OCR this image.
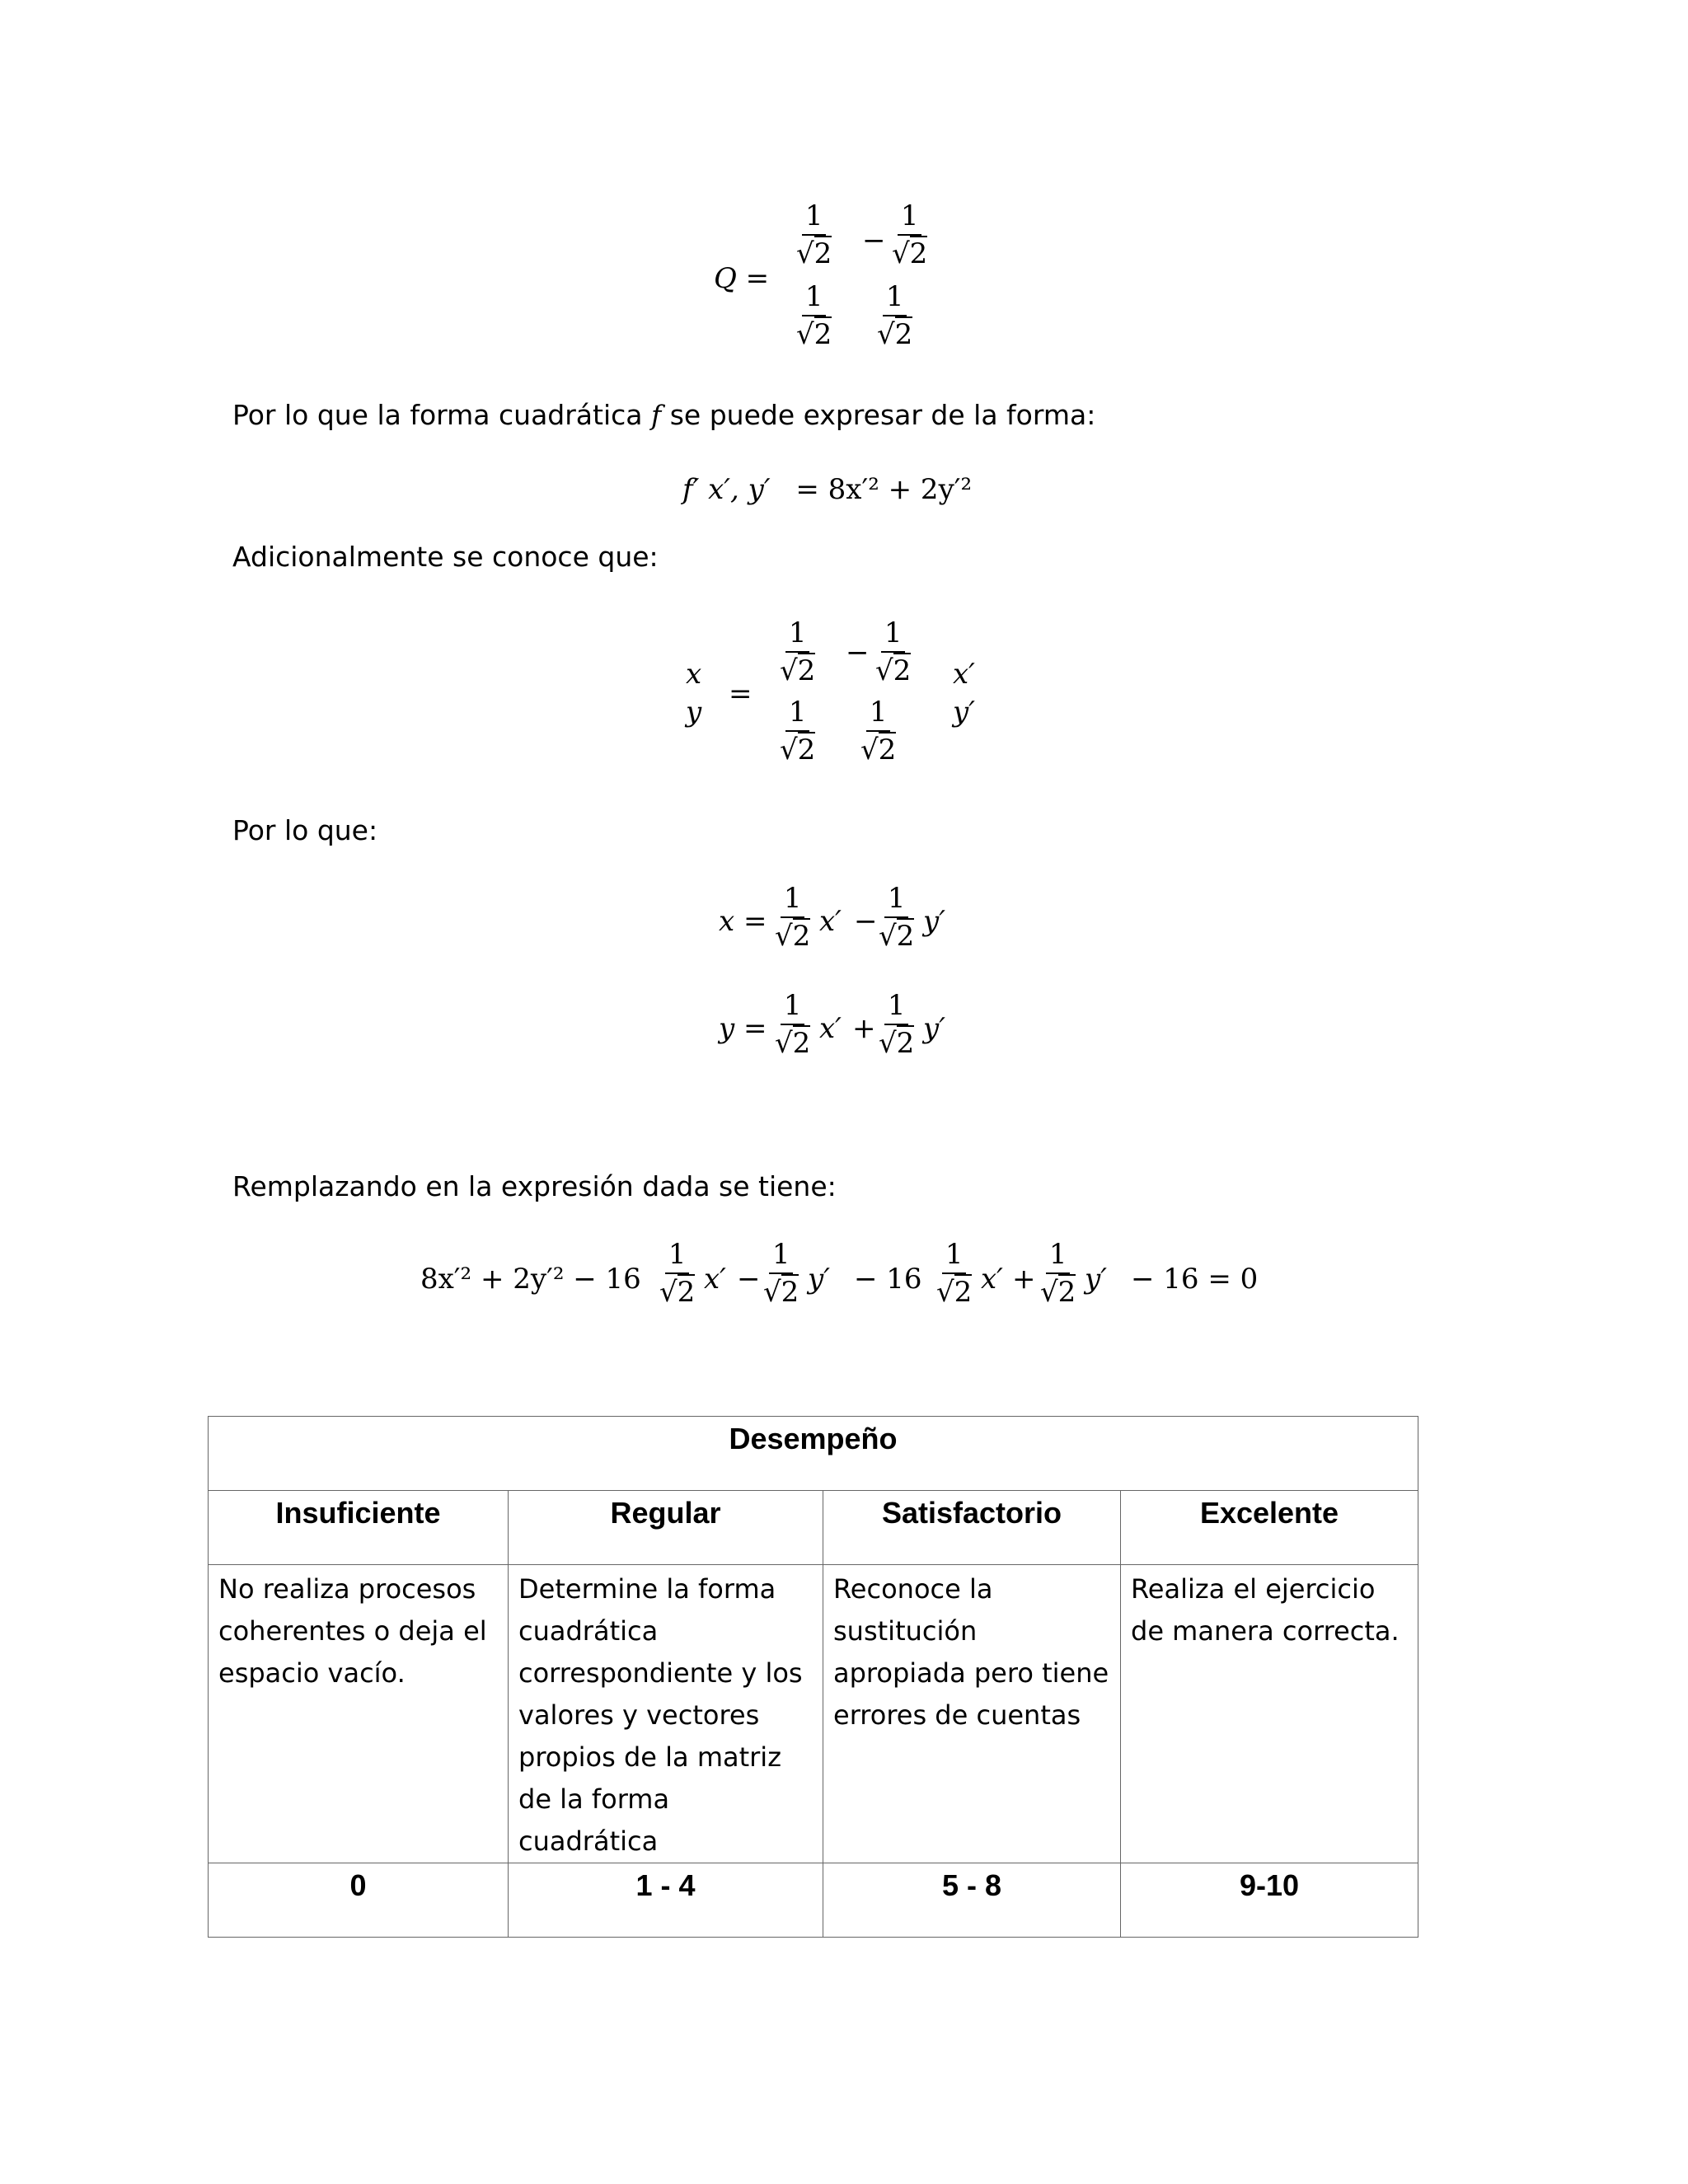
Q =
$\frac{1}{√2} - \frac{1}{√2}$
$\frac{1}{√2} \frac{1}{√2}$
Por lo que la forma cuadrática f se puede expresar de la forma:
f′ x′, y′ = 8x′² + 2y′²
Adicionalmente se conoce que:
x
y
=
$\frac{1}{√2} - \frac{1}{√2}$
$\frac{1}{√2} \frac{1}{√2}$
x′
y′
Por lo que:
$x = \frac{1}{√2} x' - \frac{1}{√2} y'$
$y = \frac{1}{√2} x' + \frac{1}{√2} y'$
Remplazando en la expresión dada se tiene:
$8x'^2 + 2y'^2 - 16 \frac{1}{√2} x' - \frac{1}{√2} y' - 16 \frac{1}{√2} x' + \frac{1}{√2} y' - 16 = 0$
Desempeño			
Insuficiente	Regular	Satisfactorio	Excelente
No realiza procesos coherentes o deja el espacio vacío.	Determine la forma cuadrática correspondiente y los valores y vectores propios de la matriz de la forma cuadrática	Reconoce la sustitución apropiada pero tiene errores de cuentas	Realiza el ejercicio de manera correcta.
0	1 - 4	5 - 8	9-10
